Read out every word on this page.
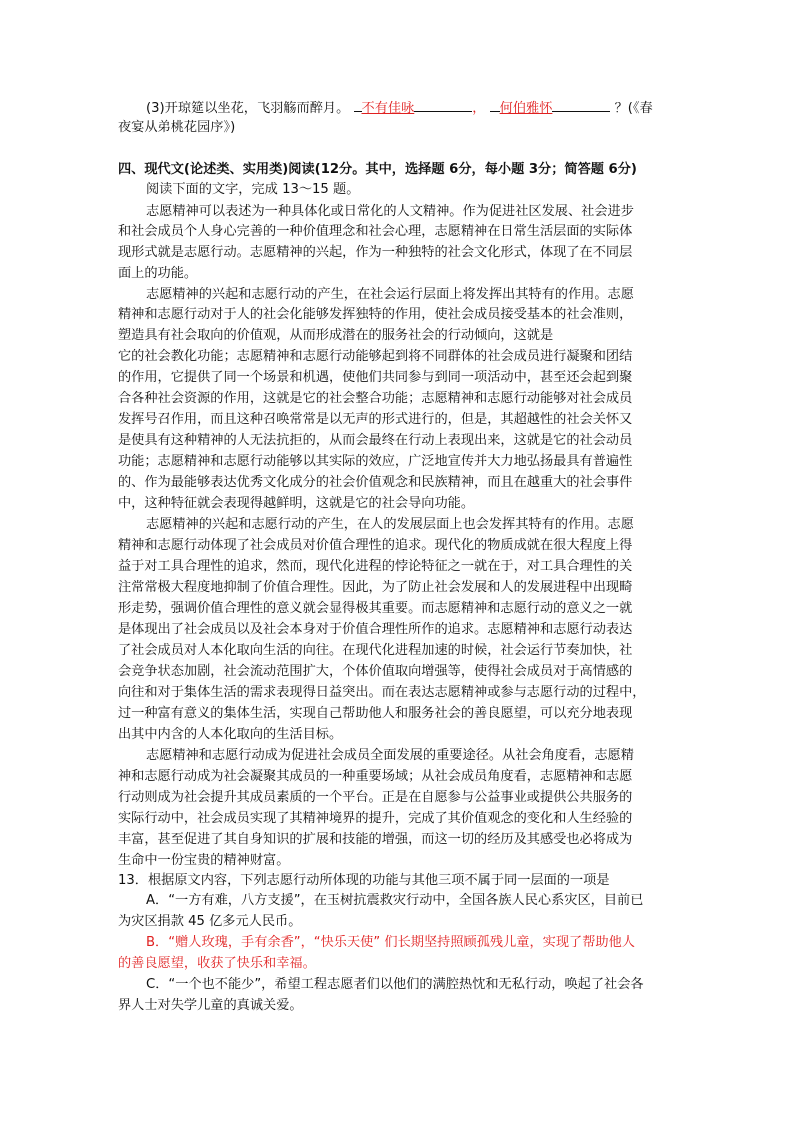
(3)开琼筵以坐花，飞羽觞而醉月。 不有佳咏	， 何伯雅怀	？(《春
夜宴从弟桃花园序》)
四、现代文(论述类、实用类)阅读(12分。其中，选择题 6分，每小题 3分；简答题 6分)
阅读下面的文字，完成 13～15 题。
志愿精神可以表述为一种具体化或日常化的人文精神。作为促进社区发展、社会进步
和社会成员个人身心完善的一种价值理念和社会心理，志愿精神在日常生活层面的实际体
现形式就是志愿行动。志愿精神的兴起，作为一种独特的社会文化形式，体现了在不同层
面上的功能。
志愿精神的兴起和志愿行动的产生，在社会运行层面上将发挥出其特有的作用。志愿
精神和志愿行动对于人的社会化能够发挥独特的作用，使社会成员接受基本的社会准则，
塑造具有社会取向的价值观，从而形成潜在的服务社会的行动倾向，这就是
它的社会教化功能；志愿精神和志愿行动能够起到将不同群体的社会成员进行凝聚和团结
的作用，它提供了同一个场景和机遇，使他们共同参与到同一项活动中，甚至还会起到聚
合各种社会资源的作用，这就是它的社会整合功能；志愿精神和志愿行动能够对社会成员
发挥号召作用，而且这种召唤常常是以无声的形式进行的，但是，其超越性的社会关怀又
是使具有这种精神的人无法抗拒的，从而会最终在行动上表现出来，这就是它的社会动员
功能；志愿精神和志愿行动能够以其实际的效应，广泛地宣传并大力地弘扬最具有普遍性
的、作为最能够表达优秀文化成分的社会价值观念和民族精神，而且在越重大的社会事件
中，这种特征就会表现得越鲜明，这就是它的社会导向功能。
志愿精神的兴起和志愿行动的产生，在人的发展层面上也会发挥其特有的作用。志愿
精神和志愿行动体现了社会成员对价值合理性的追求。现代化的物质成就在很大程度上得
益于对工具合理性的追求，然而，现代化进程的悖论特征之一就在于，对工具合理性的关
注常常极大程度地抑制了价值合理性。因此，为了防止社会发展和人的发展进程中出现畸
形走势，强调价值合理性的意义就会显得极其重要。而志愿精神和志愿行动的意义之一就
是体现出了社会成员以及社会本身对于价值合理性所作的追求。志愿精神和志愿行动表达
了社会成员对人本化取向生活的向往。在现代化进程加速的时候，社会运行节奏加快，社
会竞争状态加剧，社会流动范围扩大，个体价值取向增强等，使得社会成员对于高情感的
向往和对于集体生活的需求表现得日益突出。而在表达志愿精神或参与志愿行动的过程中，
过一种富有意义的集体生活，实现自己帮助他人和服务社会的善良愿望，可以充分地表现
出其中内含的人本化取向的生活目标。
志愿精神和志愿行动成为促进社会成员全面发展的重要途径。从社会角度看，志愿精
神和志愿行动成为社会凝聚其成员的一种重要场域；从社会成员角度看，志愿精神和志愿
行动则成为社会提升其成员素质的一个平台。正是在自愿参与公益事业或提供公共服务的
实际行动中，社会成员实现了其精神境界的提升，完成了其价值观念的变化和人生经验的
丰富，甚至促进了其自身知识的扩展和技能的增强，而这一切的经历及其感受也必将成为
生命中一份宝贵的精神财富。
13．根据原文内容，下列志愿行动所体现的功能与其他三项不属于同一层面的一项是
A．“一方有难，八方支援”，在玉树抗震救灾行动中，全国各族人民心系灾区，目前已
为灾区捐款 45 亿多元人民币。
B．“赠人玫瑰，手有余香”，“快乐天使” 们长期坚持照顾孤残儿童，实现了帮助他人
的善良愿望，收获了快乐和幸福。
C．“一个也不能少”，希望工程志愿者们以他们的满腔热忱和无私行动，唤起了社会各
界人士对失学儿童的真诚关爱。
